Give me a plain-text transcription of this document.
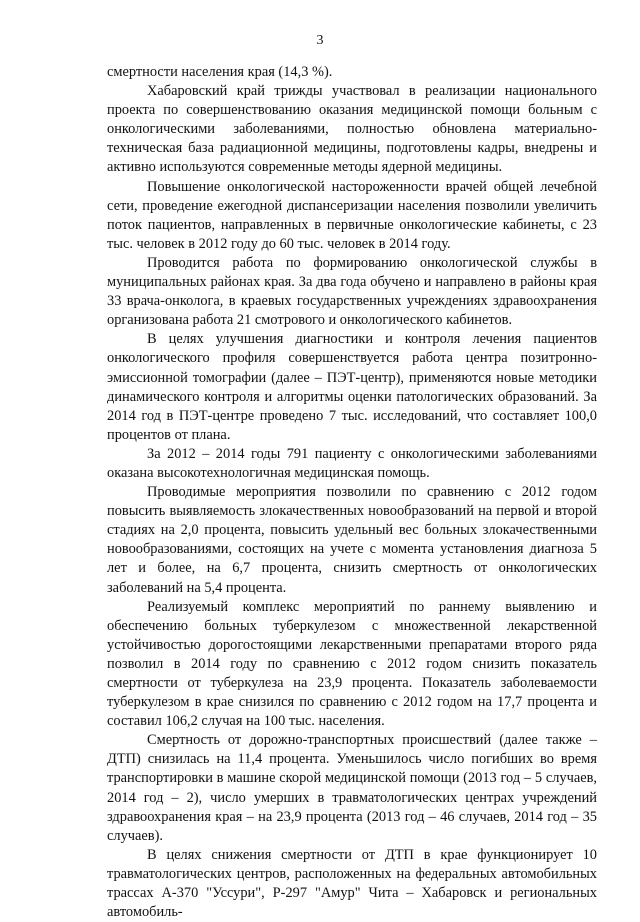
3

смертности населения края (14,3 %).

Хабаровский край трижды участвовал в реализации национального проекта по совершенствованию оказания медицинской помощи больным с онкологическими заболеваниями, полностью обновлена материально-техническая база радиационной медицины, подготовлены кадры, внедрены и активно используются современные методы ядерной медицины.

Повышение онкологической настороженности врачей общей лечебной сети, проведение ежегодной диспансеризации населения позволили увеличить поток пациентов, направленных в первичные онкологические кабинеты, с 23 тыс. человек в 2012 году до 60 тыс. человек в 2014 году.

Проводится работа по формированию онкологической службы в муниципальных районах края. За два года обучено и направлено в районы края 33 врача-онколога, в краевых государственных учреждениях здравоохранения организована работа 21 смотрового и онкологического кабинетов.

В целях улучшения диагностики и контроля лечения пациентов онкологического профиля совершенствуется работа центра позитронно-эмиссионной томографии (далее – ПЭТ-центр), применяются новые методики динамического контроля и алгоритмы оценки патологических образований. За 2014 год в ПЭТ-центре проведено 7 тыс. исследований, что составляет 100,0 процентов от плана.

За 2012 – 2014 годы 791 пациенту с онкологическими заболеваниями оказана высокотехнологичная медицинская помощь.

Проводимые мероприятия позволили по сравнению с 2012 годом повысить выявляемость злокачественных новообразований на первой и второй стадиях на 2,0 процента, повысить удельный вес больных злокачественными новообразованиями, состоящих на учете с момента установления диагноза 5 лет и более, на 6,7 процента, снизить смертность от онкологических заболеваний на 5,4 процента.

Реализуемый комплекс мероприятий по раннему выявлению и обеспечению больных туберкулезом с множественной лекарственной устойчивостью дорогостоящими лекарственными препаратами второго ряда позволил в 2014 году по сравнению с 2012 годом снизить показатель смертности от туберкулеза на 23,9 процента. Показатель заболеваемости туберкулезом в крае снизился по сравнению с 2012 годом на 17,7 процента и составил 106,2 случая на 100 тыс. населения.

Смертность от дорожно-транспортных происшествий (далее также – ДТП) снизилась на 11,4 процента. Уменьшилось число погибших во время транспортировки в машине скорой медицинской помощи (2013 год – 5 случаев, 2014 год – 2), число умерших в травматологических центрах учреждений здравоохранения края – на 23,9 процента (2013 год – 46 случаев, 2014 год – 35 случаев).

В целях снижения смертности от ДТП в крае функционирует 10 травматологических центров, расположенных на федеральных автомобильных трассах А-370 "Уссури", Р-297 "Амур" Чита – Хабаровск и региональных автомобиль-
